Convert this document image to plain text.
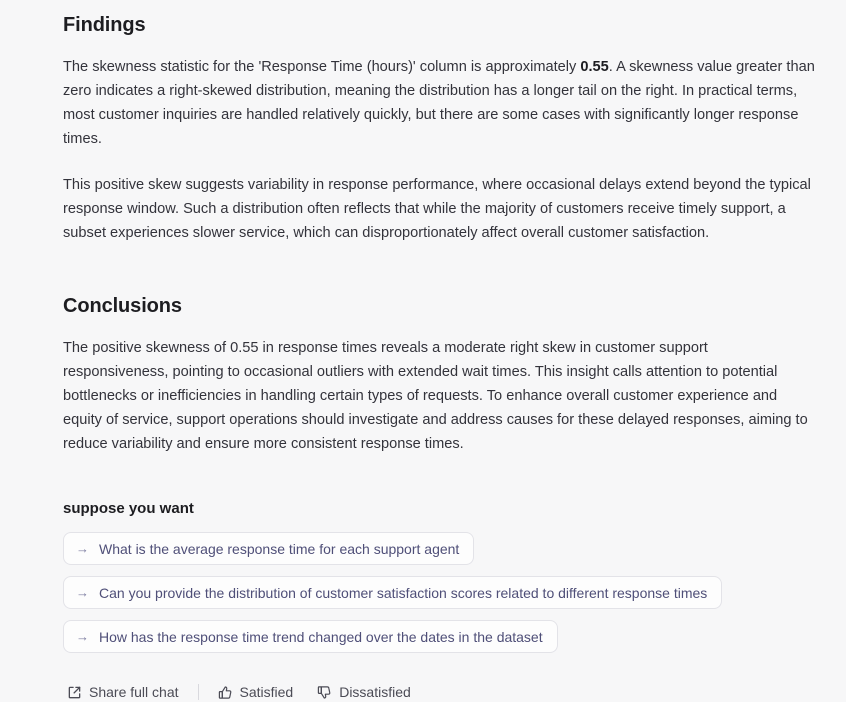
Findings

The skewness statistic for the 'Response Time (hours)' column is approximately 0.55. A skewness value greater than zero indicates a right-skewed distribution, meaning the distribution has a longer tail on the right. In practical terms, most customer inquiries are handled relatively quickly, but there are some cases with significantly longer response times.

This positive skew suggests variability in response performance, where occasional delays extend beyond the typical response window. Such a distribution often reflects that while the majority of customers receive timely support, a subset experiences slower service, which can disproportionately affect overall customer satisfaction.

Conclusions

The positive skewness of 0.55 in response times reveals a moderate right skew in customer support responsiveness, pointing to occasional outliers with extended wait times. This insight calls attention to potential bottlenecks or inefficiencies in handling certain types of requests. To enhance overall customer experience and equity of service, support operations should investigate and address causes for these delayed responses, aiming to reduce variability and ensure more consistent response times.

suppose you want
→ What is the average response time for each support agent
→ Can you provide the distribution of customer satisfaction scores related to different response times
→ How has the response time trend changed over the dates in the dataset
Share full chat	Satisfied	Dissatisfied
